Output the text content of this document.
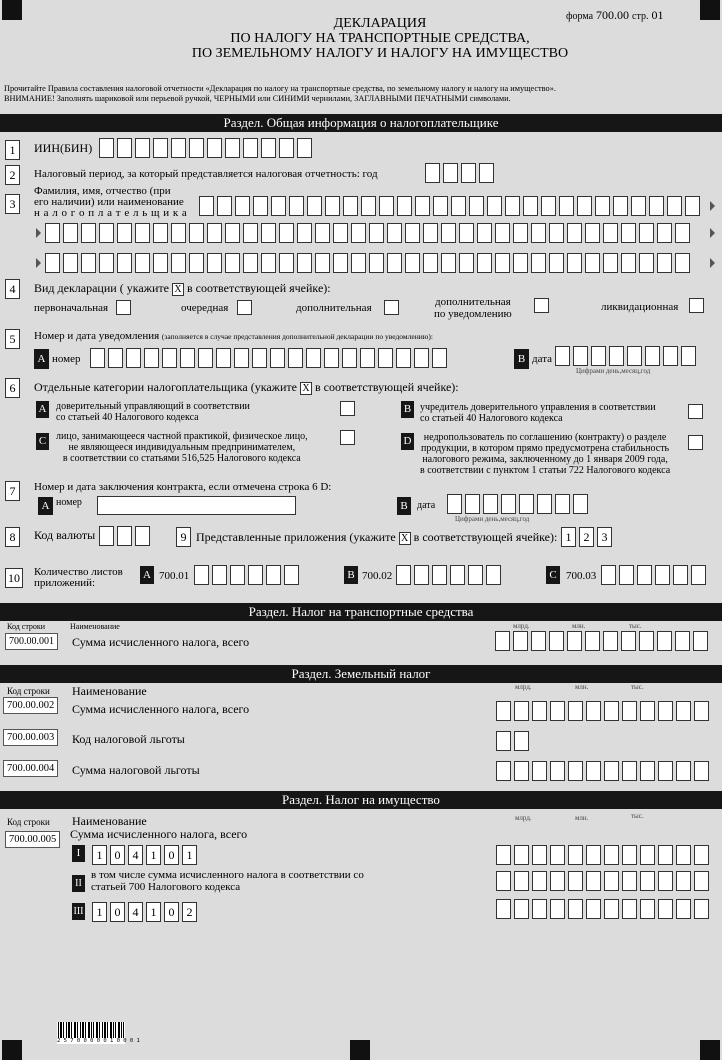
форма 700.00 стр. 01
ДЕКЛАРАЦИЯ
ПО НАЛОГУ НА ТРАНСПОРТНЫЕ СРЕДСТВА,
ПО ЗЕМЕЛЬНОМУ НАЛОГУ И НАЛОГУ НА ИМУЩЕСТВО
Прочитайте Правила составления налоговой отчетности «Декларация по налогу на транспортные средства, по земельному налогу и налогу на имущество».
ВНИМАНИЕ! Заполнять шариковой или перьевой ручкой, ЧЕРНЫМИ или СИНИМИ чернилами, ЗАГЛАВНЫМИ ПЕЧАТНЫМИ символами.
Раздел. Общая информация о налогоплательщике
1	ИИН(БИН)
2	Налоговый период, за который представляется налоговая отчетность: год
3
Фамилия, имя, отчество (при
его наличии) или наименование
н а л о г о п л а т е л ь щ и к а
4	Вид декларации ( укажите X в соответствующей ячейке):
первоначальная	очередная	дополнительная	дополнительная
по уведомлению
ликвидационная
5	Номер и дата уведомления (заполняется в случае представления дополнительной декларации по уведомлению):
A номер	B дата
Цифрами день,месяц,год
6	Отдельные категории налогоплательщика (укажите X в соответствующей ячейке):
A доверительный управляющий в соответствии
со статьей 40 Налогового кодекса
B учредитель доверительного управления в соответствии
со статьей 40 Налогового кодекса
C лицо, занимающееся частной практикой, физическое лицо,
не являющееся индивидуальным предпринимателем,
в соответствии со статьями 516,525 Налогового кодекса
D	недропользователь по соглашению (контракту) о разделе
продукции, в котором прямо предусмотрена стабильность
налогового режима, заключенному до 1 января 2009 года,
в соответствии с пунктом 1 статьи 722 Налогового кодекса
7	Номер и дата заключения контракта, если отмечена строка 6 D:
A номер	B дата
Цифрами день,месяц,год
8	Код валюты	9 Представленные приложения (укажите X в соответствующей ячейке): 1 2 3
10 Количество листов
приложений:
A 700.01	B 700.02	C 700.03
Раздел. Налог на транспортные средства
Код строки	Наименование	млрд.	млн.	тыс.
700.00.001	Сумма исчисленного налога, всего
Раздел. Земельный налог
Код строки Наименование	млрд.	млн.	тыс.
700.00.002	Сумма исчисленного налога, всего
700.00.003	Код налоговой льготы
700.00.004	Сумма налоговой льготы
Раздел. Налог на имущество
Код строки Наименование	млрд.	млн.	тыс.
700.00.005	Сумма исчисленного налога, всего
I	1 0 4 1 0 1
II
в том числе сумма исчисленного налога в соответствии со
статьей 700 Налогового кодекса
III	1 0 4 1 0 2
2 5 7 0 0 0 0 0 1 0 0 0 1
